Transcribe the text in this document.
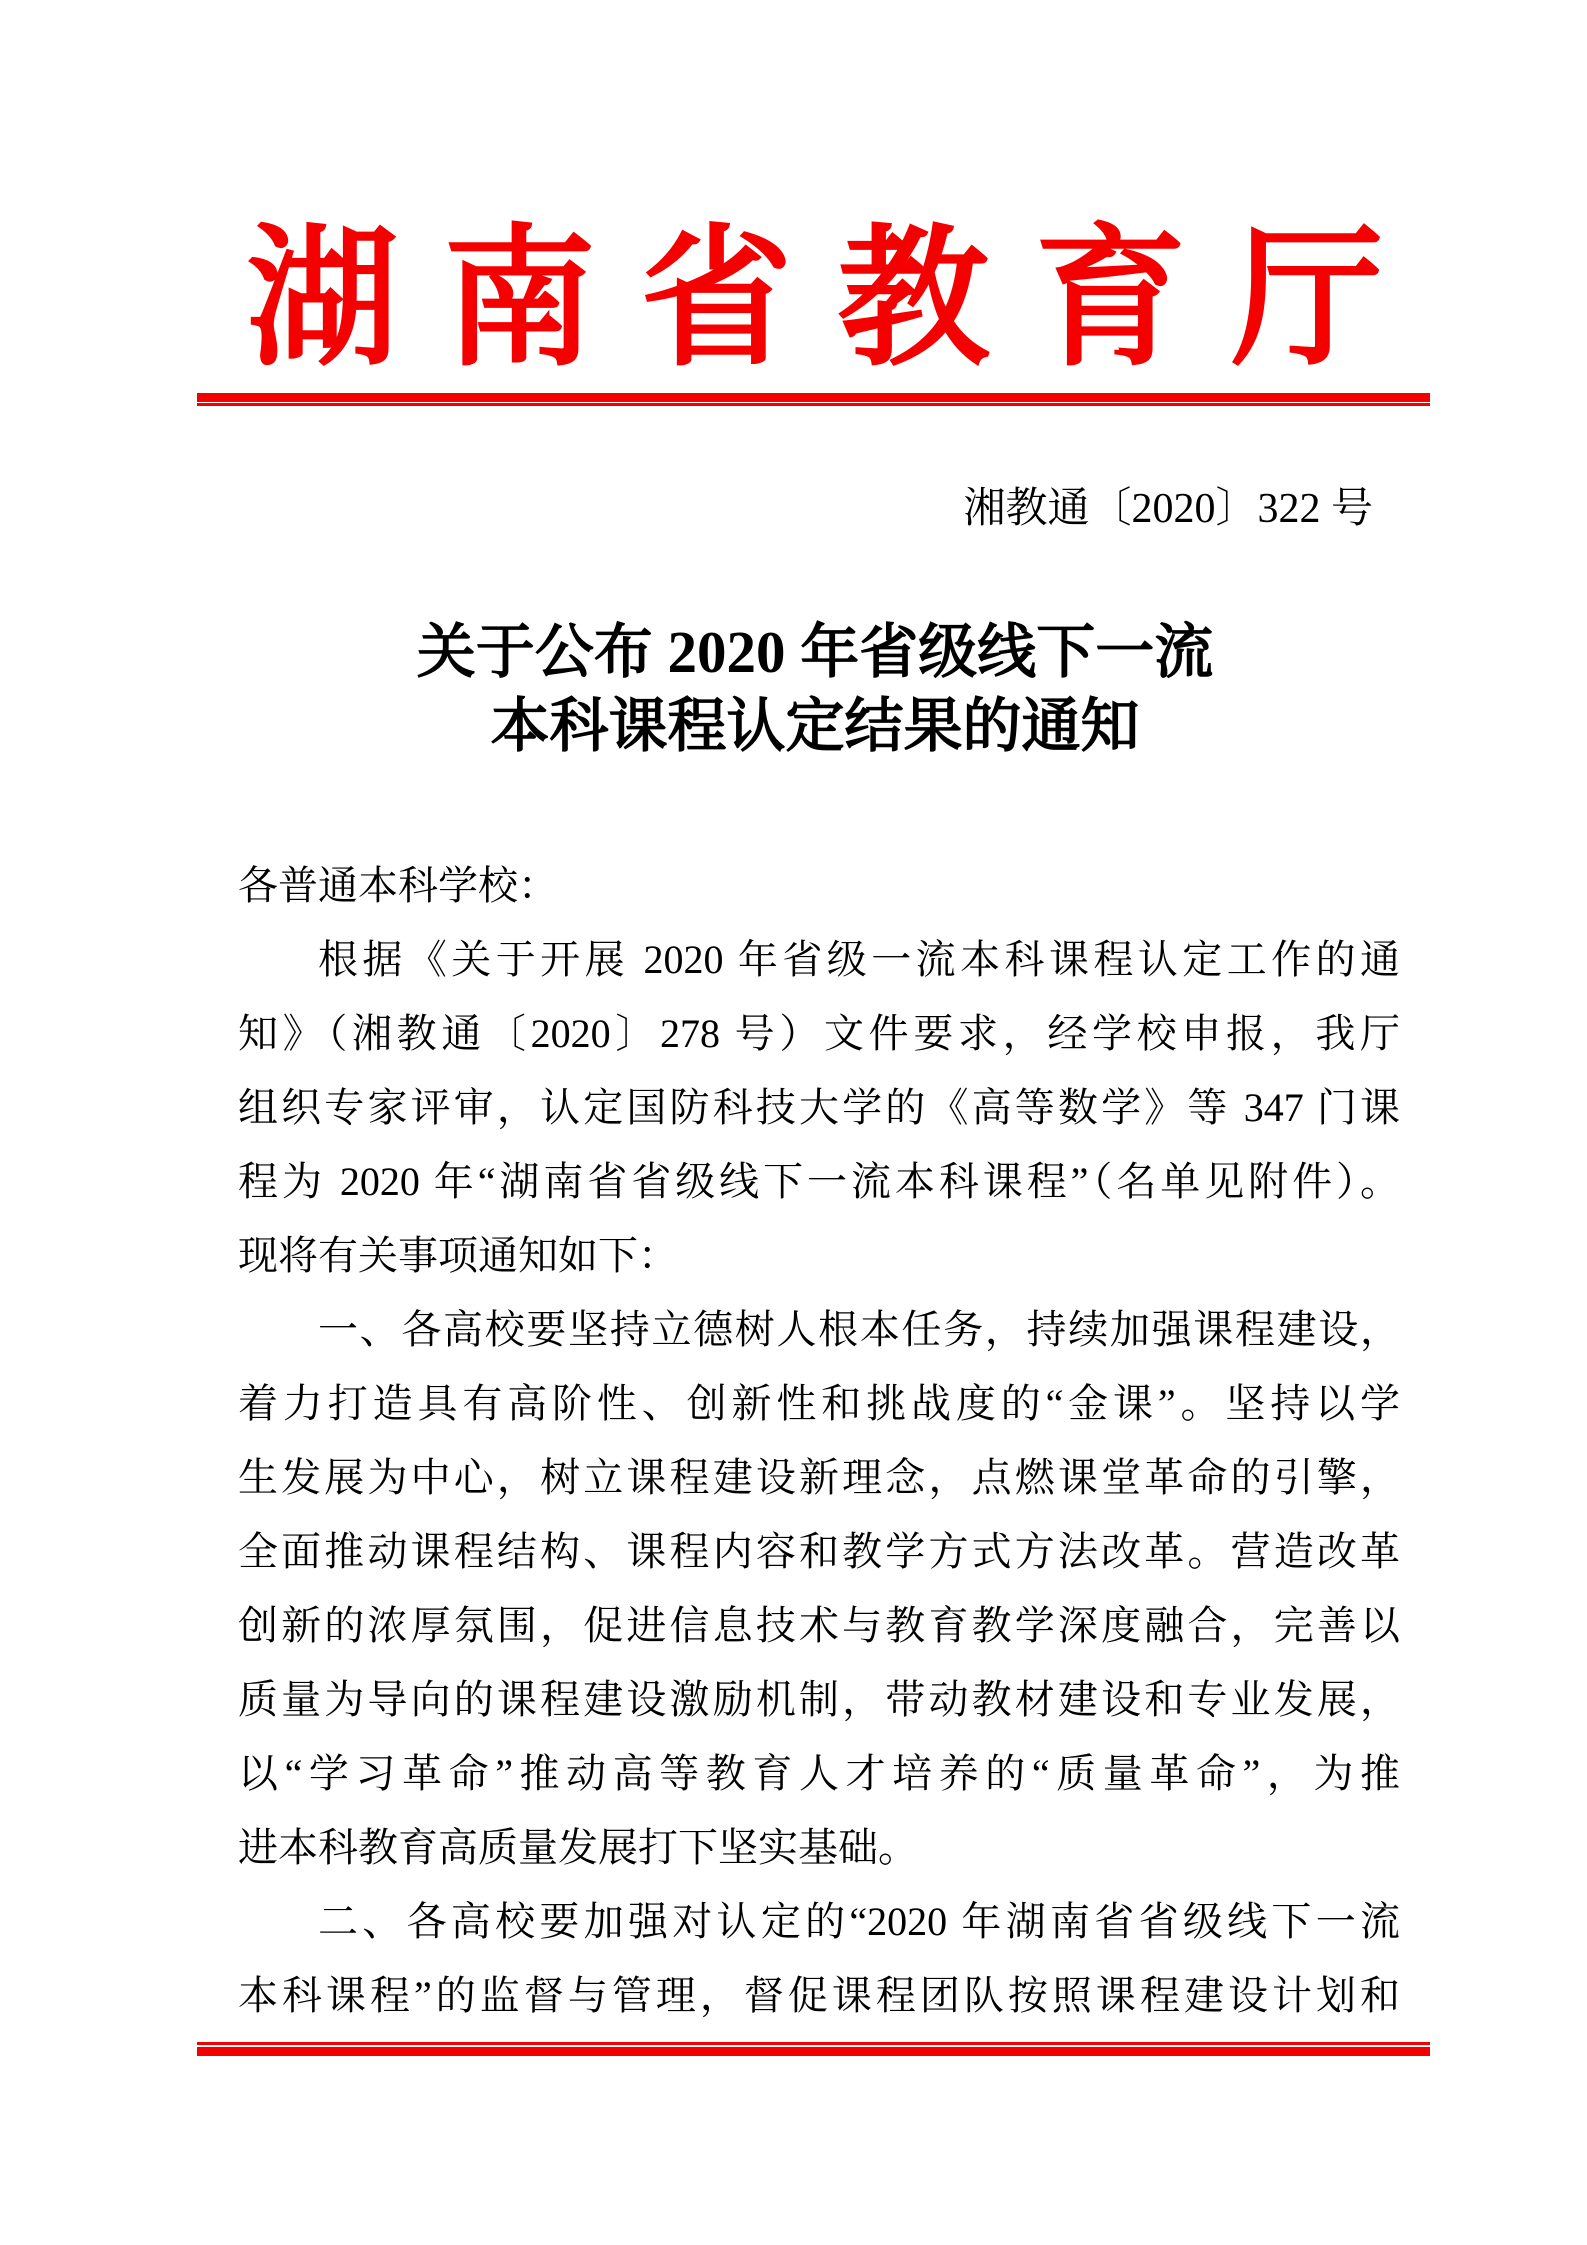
湖南省教育厅
湘教通〔2020〕322 号
关于公布 2020 年省级线下一流
本科课程认定结果的通知
各普通本科学校：
根据《关于开展 2020 年省级一流本科课程认定工作的通
知》（湘教通〔2020〕278 号）文件要求，经学校申报，我厅
组织专家评审，认定国防科技大学的《高等数学》等 347 门课
程为 2020 年“湖南省省级线下一流本科课程”（名单见附件）。
现将有关事项通知如下：
一、各高校要坚持立德树人根本任务，持续加强课程建设，
着力打造具有高阶性、创新性和挑战度的“金课”。坚持以学
生发展为中心，树立课程建设新理念，点燃课堂革命的引擎，
全面推动课程结构、课程内容和教学方式方法改革。营造改革
创新的浓厚氛围，促进信息技术与教育教学深度融合，完善以
质量为导向的课程建设激励机制，带动教材建设和专业发展，
以“学习革命”推动高等教育人才培养的“质量革命”，为推
进本科教育高质量发展打下坚实基础。
二、各高校要加强对认定的“2020 年湖南省省级线下一流
本科课程”的监督与管理，督促课程团队按照课程建设计划和
